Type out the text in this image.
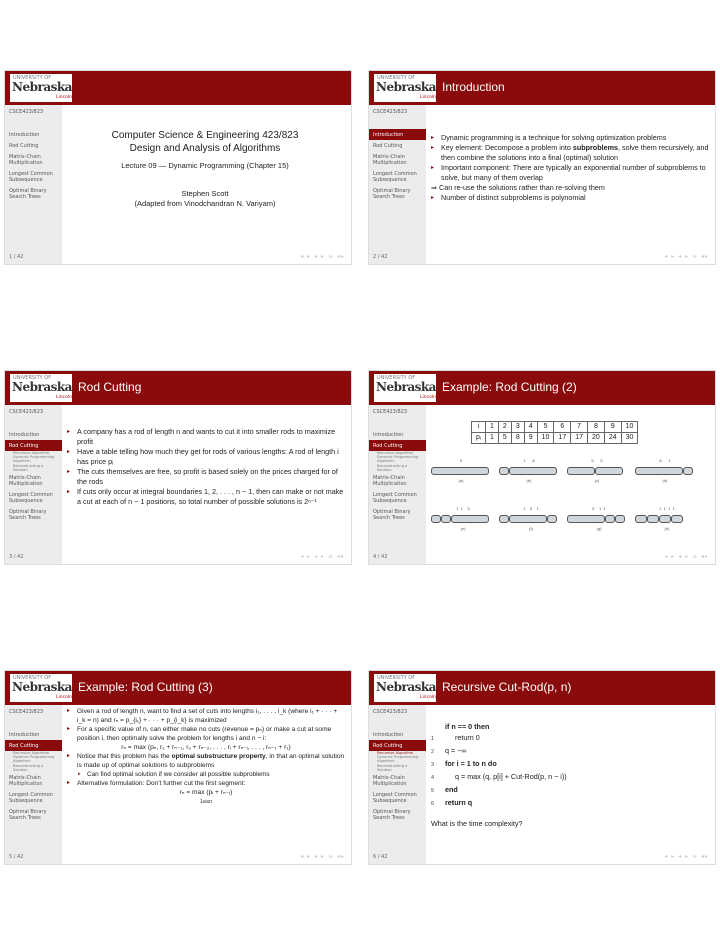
UNIVERSITY OF
Nebraska
Lincoln
CSCE423/823
Introduction
Rod Cutting
Matrix-Chain Multiplication
Longest Common Subsequence
Optimal Binary Search Trees
1 / 42	◂ ▸ ◂ ▸ ≡ ◂▸
Computer Science & Engineering 423/823
Design and Analysis of Algorithms
Lecture 09 — Dynamic Programming (Chapter 15)
Stephen Scott
(Adapted from Vinodchandran N. Variyam)
UNIVERSITY OF
Nebraska
Lincoln
Introduction
CSCE423/823
Introduction
Rod Cutting
Matrix-Chain Multiplication
Longest Common Subsequence
Optimal Binary Search Trees
2 / 42	◂ ▸ ◂ ▸ ≡ ◂▸
▸ Dynamic programming is a technique for solving optimization problems
▸ Key element: Decompose a problem into subproblems, solve them recursively, and then combine the solutions into a final (optimal) solution
▸ Important component: There are typically an exponential number of subproblems to solve, but many of them overlap
⇒ Can re-use the solutions rather than re-solving them
▸ Number of distinct subproblems is polynomial
UNIVERSITY OF
Nebraska
Lincoln
Rod Cutting
CSCE423/823
Introduction
Rod Cutting
Recursive Algorithm
Dynamic Programming Algorithm
Reconstructing a Solution
Matrix-Chain Multiplication
Longest Common Subsequence
Optimal Binary Search Trees
3 / 42	◂ ▸ ◂ ▸ ≡ ◂▸
▸ A company has a rod of length n and wants to cut it into smaller rods to maximize profit
▸ Have a table telling how much they get for rods of various lengths: A rod of length i has price pᵢ
▸ The cuts themselves are free, so profit is based solely on the prices charged for of the rods
▸ If cuts only occur at integral boundaries 1, 2, . . . , n − 1, then can make or not make a cut at each of n − 1 positions, so total number of possible solutions is 2ⁿ⁻¹
UNIVERSITY OF
Nebraska
Lincoln
Example: Rod Cutting (2)
CSCE423/823
Introduction
Rod Cutting
Recursive Algorithm
Dynamic Programming Algorithm
Reconstructing a Solution
Matrix-Chain Multiplication
Longest Common Subsequence
Optimal Binary Search Trees
4 / 42	◂ ▸ ◂ ▸ ≡ ◂▸
i	1	2	3	4	5	6	7	8	9	10
pᵢ	1	5	8	9	10	17	17	20	24	30
9
(a)
1 8
(b)
5 5
(c)
8 1
(d)
1 1 5
(e)
1 5 1
(f)
5 1 1
(g)
1 1 1 1
(h)
UNIVERSITY OF
Nebraska
Lincoln
Example: Rod Cutting (3)
CSCE423/823
Introduction
Rod Cutting
Recursive Algorithm
Dynamic Programming Algorithm
Reconstructing a Solution
Matrix-Chain Multiplication
Longest Common Subsequence
Optimal Binary Search Trees
5 / 42	◂ ▸ ◂ ▸ ≡ ◂▸
▸ Given a rod of length n, want to find a set of cuts into lengths i₁, . . . , i_k (where i₁ + · · · + i_k = n) and rₙ = p_{i₁} + · · · + p_{i_k} is maximized
▸ For a specific value of n, can either make no cuts (revenue = pₙ) or make a cut at some position i, then optimally solve the problem for lengths i and n − i:
rₙ = max (pₙ, r₁ + rₙ₋₁, r₂ + rₙ₋₂, . . . , rᵢ + rₙ₋ᵢ, . . . , rₙ₋₁ + r₁)
▸ Notice that this problem has the optimal substructure property, in that an optimal solution is made up of optimal solutions to subproblems
▸ Can find optimal solution if we consider all possible subproblems
▸ Alternative formulation: Don't further cut the first segment:
rₙ = max (pᵢ + rₙ₋ᵢ)
1≤i≤n
UNIVERSITY OF
Nebraska
Lincoln
Recursive Cut-Rod(p, n)
CSCE423/823
Introduction
Rod Cutting
Recursive Algorithm
Dynamic Programming Algorithm
Reconstructing a Solution
Matrix-Chain Multiplication
Longest Common Subsequence
Optimal Binary Search Trees
6 / 42	◂ ▸ ◂ ▸ ≡ ◂▸
if n == 0 then
1	return 0
2 q = −∞
3 for i = 1 to n do
4	q = max (q, p[i] + Cut-Rod(p, n − i))
5 end
6 return q
What is the time complexity?
